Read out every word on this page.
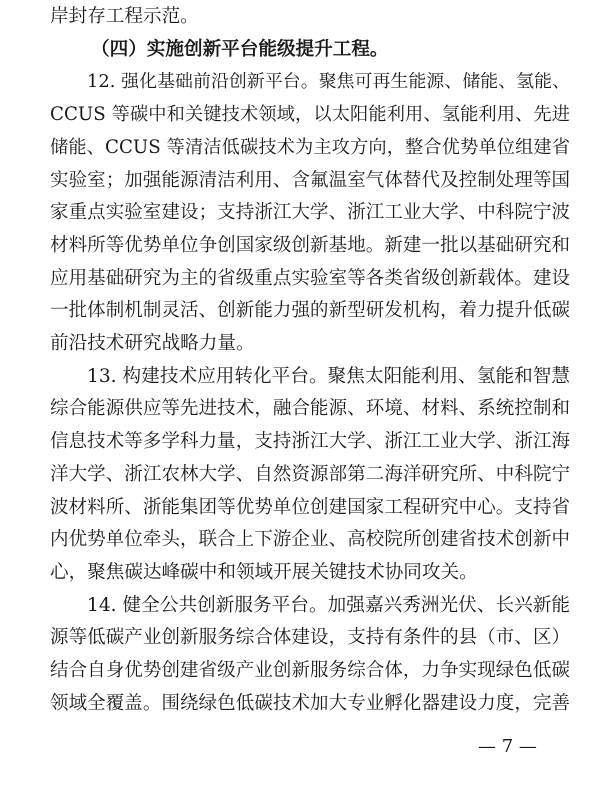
岸封存工程示范。
（四）实施创新平台能级提升工程。
12. 强化基础前沿创新平台。聚焦可再生能源、储能、氢能、
CCUS 等碳中和关键技术领域，以太阳能利用、氢能利用、先进
储能、CCUS 等清洁低碳技术为主攻方向，整合优势单位组建省
实验室；加强能源清洁利用、含氟温室气体替代及控制处理等国
家重点实验室建设；支持浙江大学、浙江工业大学、中科院宁波
材料所等优势单位争创国家级创新基地。新建一批以基础研究和
应用基础研究为主的省级重点实验室等各类省级创新载体。建设
一批体制机制灵活、创新能力强的新型研发机构，着力提升低碳
前沿技术研究战略力量。
13. 构建技术应用转化平台。聚焦太阳能利用、氢能和智慧
综合能源供应等先进技术，融合能源、环境、材料、系统控制和
信息技术等多学科力量，支持浙江大学、浙江工业大学、浙江海
洋大学、浙江农林大学、自然资源部第二海洋研究所、中科院宁
波材料所、浙能集团等优势单位创建国家工程研究中心。支持省
内优势单位牵头，联合上下游企业、高校院所创建省技术创新中
心，聚焦碳达峰碳中和领域开展关键技术协同攻关。
14. 健全公共创新服务平台。加强嘉兴秀洲光伏、长兴新能
源等低碳产业创新服务综合体建设，支持有条件的县（市、区）
结合自身优势创建省级产业创新服务综合体，力争实现绿色低碳
领域全覆盖。围绕绿色低碳技术加大专业孵化器建设力度，完善
— 7 —
